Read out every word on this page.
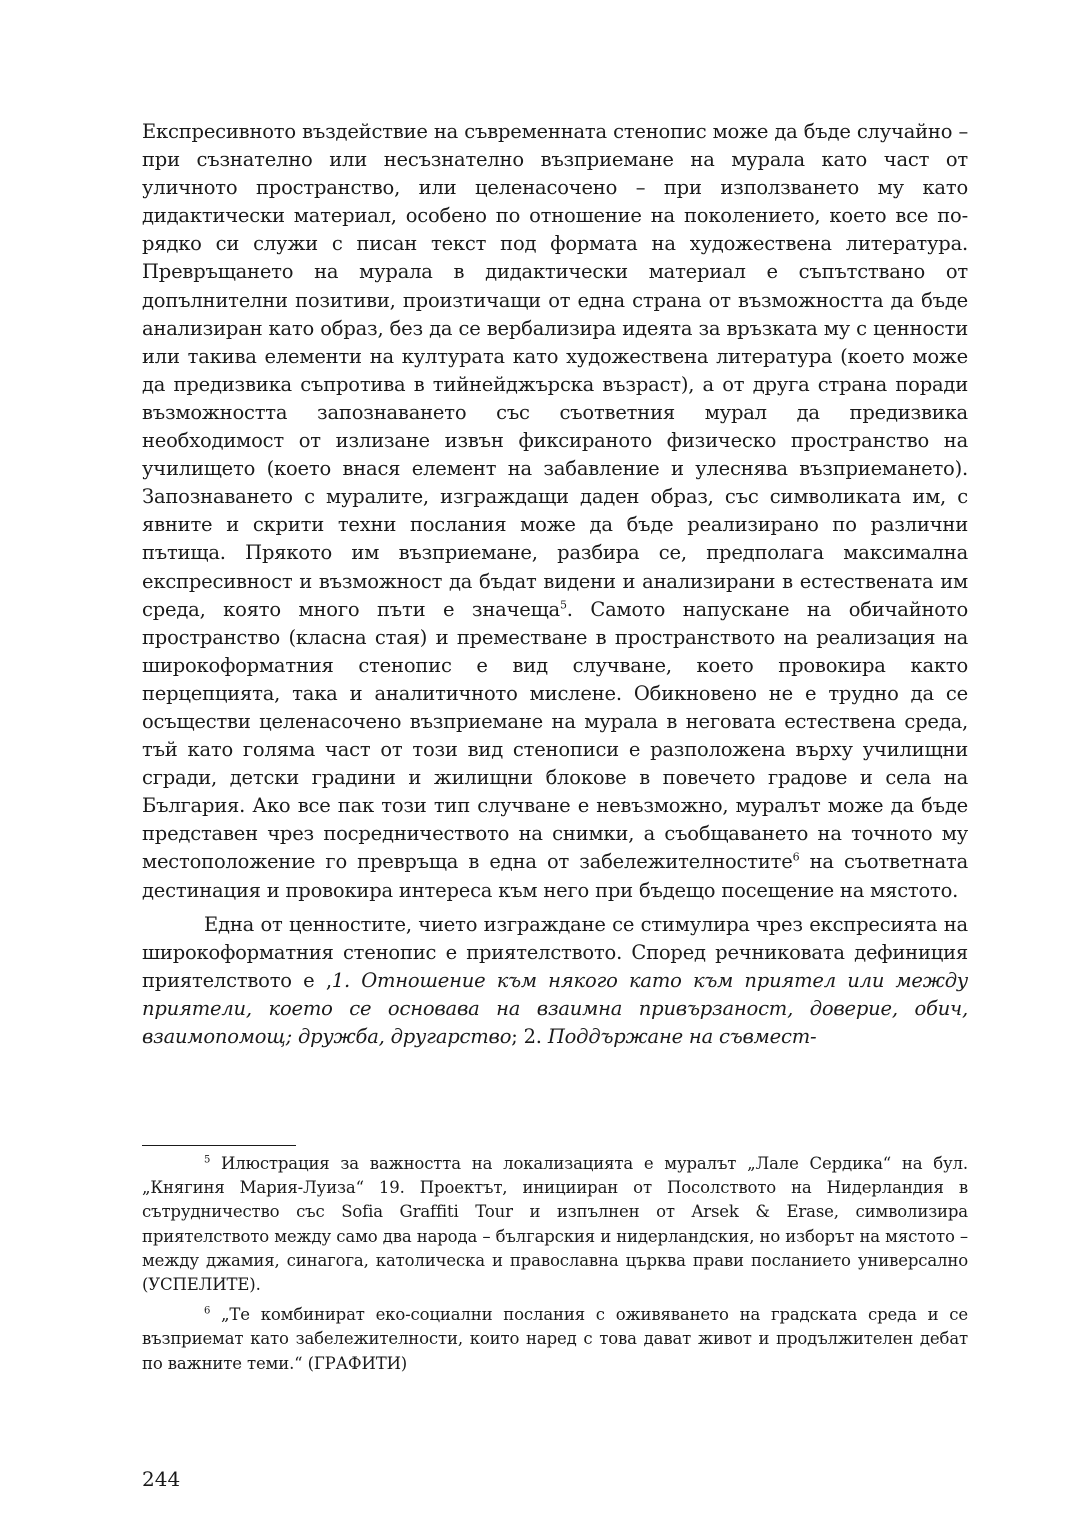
Експресивното въздействие на съвременната стенопис може да бъде случайно – при съзнателно или несъзнателно възприемане на мурала като част от уличното пространство, или целенасочено – при използването му като дидактически материал, особено по отношение на поколението, което все по-рядко си служи с писан текст под формата на художествена литература. Превръщането на мурала в дидактически материал е съпътствано от допълнителни позитиви, произтичащи от една страна от възможността да бъде анализиран като образ, без да се вербализира идеята за връзката му с ценности или такива елементи на културата като художествена литература (което може да предизвика съпротива в тийнейджърска възраст), а от друга страна поради възможността запознаването със съответния мурал да предизвика необходимост от излизане извън фиксираното физическо пространство на училището (което внася елемент на забавление и улеснява възприемането). Запознаването с муралите, изграждащи даден образ, със символиката им, с явните и скрити техни послания може да бъде реализирано по различни пътища. Прякото им възприемане, разбира се, предполага максимална експресивност и възможност да бъдат видени и анализирани в естествената им среда, която много пъти е значеща$^5$. Самото напускане на обичайното пространство (класна стая) и преместване в пространството на реализация на широкоформатния стенопис е вид случване, което провокира както перцепцията, така и аналитичното мислене. Обикновено не е трудно да се осъществи целенасочено възприемане на мурала в неговата естествена среда, тъй като голяма част от този вид стенописи е разположена върху училищни сгради, детски градини и жилищни блокове в повечето градове и села на България. Ако все пак този тип случване е невъзможно, муралът може да бъде представен чрез посредничеството на снимки, а съобщаването на точното му местоположение го превръща в една от забележителностите$^6$ на съответната дестинация и провокира интереса към него при бъдещо посещение на мястото.

Една от ценностите, чието изграждане се стимулира чрез експресията на широкоформатния стенопис е приятелството. Според речниковата дефиниция приятелството е ‚1. Отношение към някого като към приятел или между приятели, което се основава на взаимна привързаност, доверие, обич, взаимопомощ; дружба, другарство; 2. Поддържане на съвмест-

$^5$ Илюстрация за важността на локализацията е муралът „Лале Сердика“ на бул. „Княгиня Мария-Луиза“ 19. Проектът, иницииран от Посолството на Нидерландия в сътрудничество със Sofia Graffiti Tour и изпълнен от Arsek & Erase, символизира приятелството между само два народа – българския и нидерландския, но изборът на мястото – между джамия, синагога, католическа и православна църква прави посланието универсално (УСПЕЛИТЕ).

$^6$ „Те комбинират еко-социални послания с оживяването на градската среда и се възприемат като забележителности, които наред с това дават живот и продължителен дебат по важните теми.“ (ГРАФИТИ)

244
